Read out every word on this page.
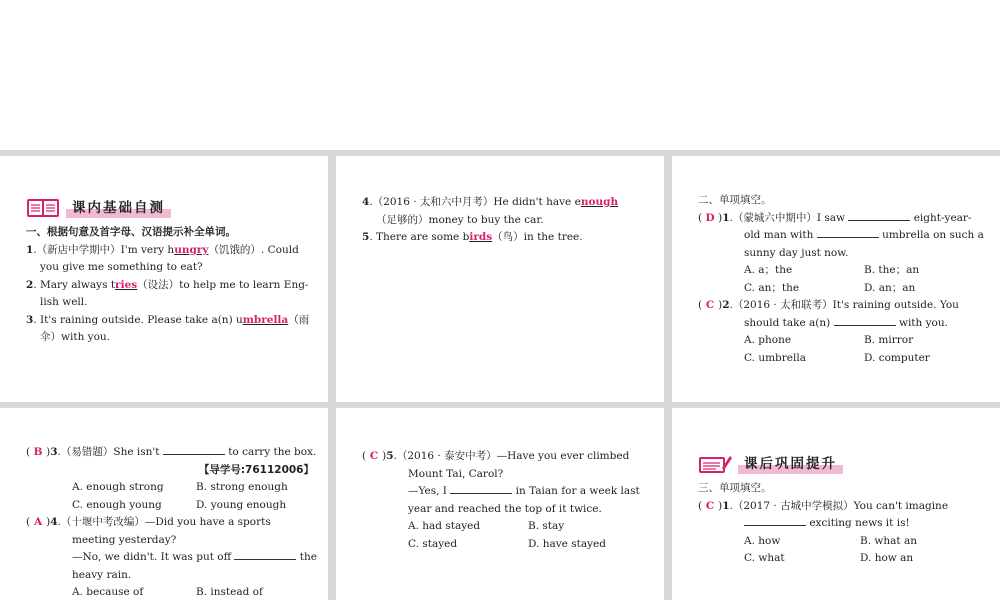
课内基础自测
一、根据句意及首字母、汉语提示补全单词。
1.（新店中学期中）I'm very hungry（饥饿的）. Could
you give me something to eat?
2. Mary always tries（设法）to help me to learn Eng-
lish well.
3. It's raining outside. Please take a(n) umbrella（雨
伞）with you.
4.（2016 · 太和六中月考）He didn't have enough
（足够的）money to buy the car.
5. There are some birds（鸟）in the tree.
二、单项填空。
( D )1.（蒙城六中期中）I saw	eight-year-
old man with	umbrella on such a
sunny day just now.
A. a；the	B. the；an
C. an；the	D. an；an
( C )2.（2016 · 太和联考）It's raining outside. You
should take a(n)	with you.
A. phone	B. mirror
C. umbrella	D. computer
( B )3.（易错题）She isn't	to carry the box.
【导学号:76112006】
A. enough strong	B. strong enough
C. enough young	D. young enough
( A )4.（十堰中考改编）—Did you have a sports
meeting yesterday?
—No, we didn't. It was put off	the
heavy rain.
A. because of	B. instead of
( C )5.（2016 · 泰安中考）—Have you ever climbed
Mount Tai, Carol?
—Yes, I	in Taian for a week last
year and reached the top of it twice.
A. had stayed	B. stay
C. stayed	D. have stayed
课后巩固提升
三、单项填空。
( C )1.（2017 · 古城中学模拟）You can't imagine
exciting news it is!
A. how	B. what an
C. what	D. how an
